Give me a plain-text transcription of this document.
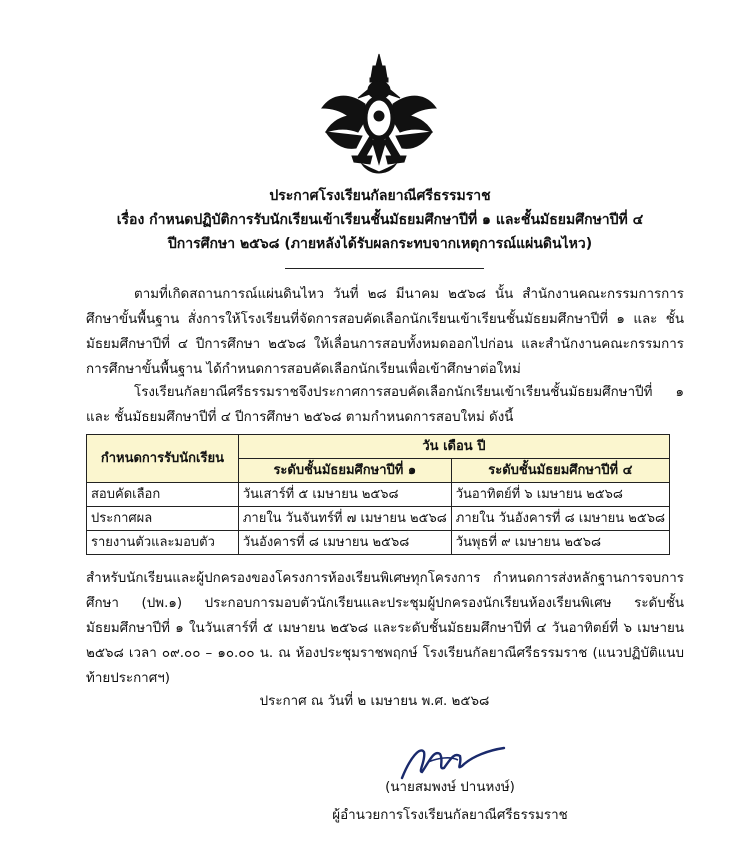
ประกาศโรงเรียนกัลยาณีศรีธรรมราช
เรื่อง กำหนดปฏิบัติการรับนักเรียนเข้าเรียนชั้นมัธยมศึกษาปีที่ ๑ และชั้นมัธยมศึกษาปีที่ ๔
ปีการศึกษา ๒๕๖๘ (ภายหลังได้รับผลกระทบจากเหตุการณ์แผ่นดินไหว)

ตามที่เกิดสถานการณ์แผ่นดินไหว วันที่ ๒๘ มีนาคม ๒๕๖๘ นั้น สำนักงานคณะกรรมการการศึกษาขั้นพื้นฐาน สั่งการให้โรงเรียนที่จัดการสอบคัดเลือกนักเรียนเข้าเรียนชั้นมัธยมศึกษาปีที่ ๑ และ ชั้นมัธยมศึกษาปีที่ ๔ ปีการศึกษา ๒๕๖๘ ให้เลื่อนการสอบทั้งหมดออกไปก่อน และสำนักงานคณะกรรมการการศึกษาขั้นพื้นฐาน ได้กำหนดการสอบคัดเลือกนักเรียนเพื่อเข้าศึกษาต่อใหม่

โรงเรียนกัลยาณีศรีธรรมราชจึงประกาศการสอบคัดเลือกนักเรียนเข้าเรียนชั้นมัธยมศึกษาปีที่ ๑ และ ชั้นมัธยมศึกษาปีที่ ๔ ปีการศึกษา ๒๕๖๘ ตามกำหนดการสอบใหม่ ดังนี้

กำหนดการรับนักเรียน	วัน เดือน ปี	
	ระดับชั้นมัธยมศึกษาปีที่ ๑	ระดับชั้นมัธยมศึกษาปีที่ ๔
สอบคัดเลือก	วันเสาร์ที่ ๕ เมษายน ๒๕๖๘	วันอาทิตย์ที่ ๖ เมษายน ๒๕๖๘
ประกาศผล	ภายใน วันจันทร์ที่ ๗ เมษายน ๒๕๖๘	ภายใน วันอังคารที่ ๘ เมษายน ๒๕๖๘
รายงานตัวและมอบตัว	วันอังคารที่ ๘ เมษายน ๒๕๖๘	วันพุธที่ ๙ เมษายน ๒๕๖๘

สำหรับนักเรียนและผู้ปกครองของโครงการห้องเรียนพิเศษทุกโครงการ กำหนดการส่งหลักฐานการจบการศึกษา (ปพ.๑) ประกอบการมอบตัวนักเรียนและประชุมผู้ปกครองนักเรียนห้องเรียนพิเศษ ระดับชั้นมัธยมศึกษาปีที่ ๑ ในวันเสาร์ที่ ๕ เมษายน ๒๕๖๘ และระดับชั้นมัธยมศึกษาปีที่ ๔ วันอาทิตย์ที่ ๖ เมษายน ๒๕๖๘ เวลา ๐๙.๐๐ – ๑๐.๐๐ น. ณ ห้องประชุมราชพฤกษ์ โรงเรียนกัลยาณีศรีธรรมราช (แนวปฏิบัติแนบท้ายประกาศฯ)

ประกาศ ณ วันที่ ๒ เมษายน พ.ศ. ๒๕๖๘
(นายสมพงษ์ ปานหงษ์)
ผู้อำนวยการโรงเรียนกัลยาณีศรีธรรมราช
